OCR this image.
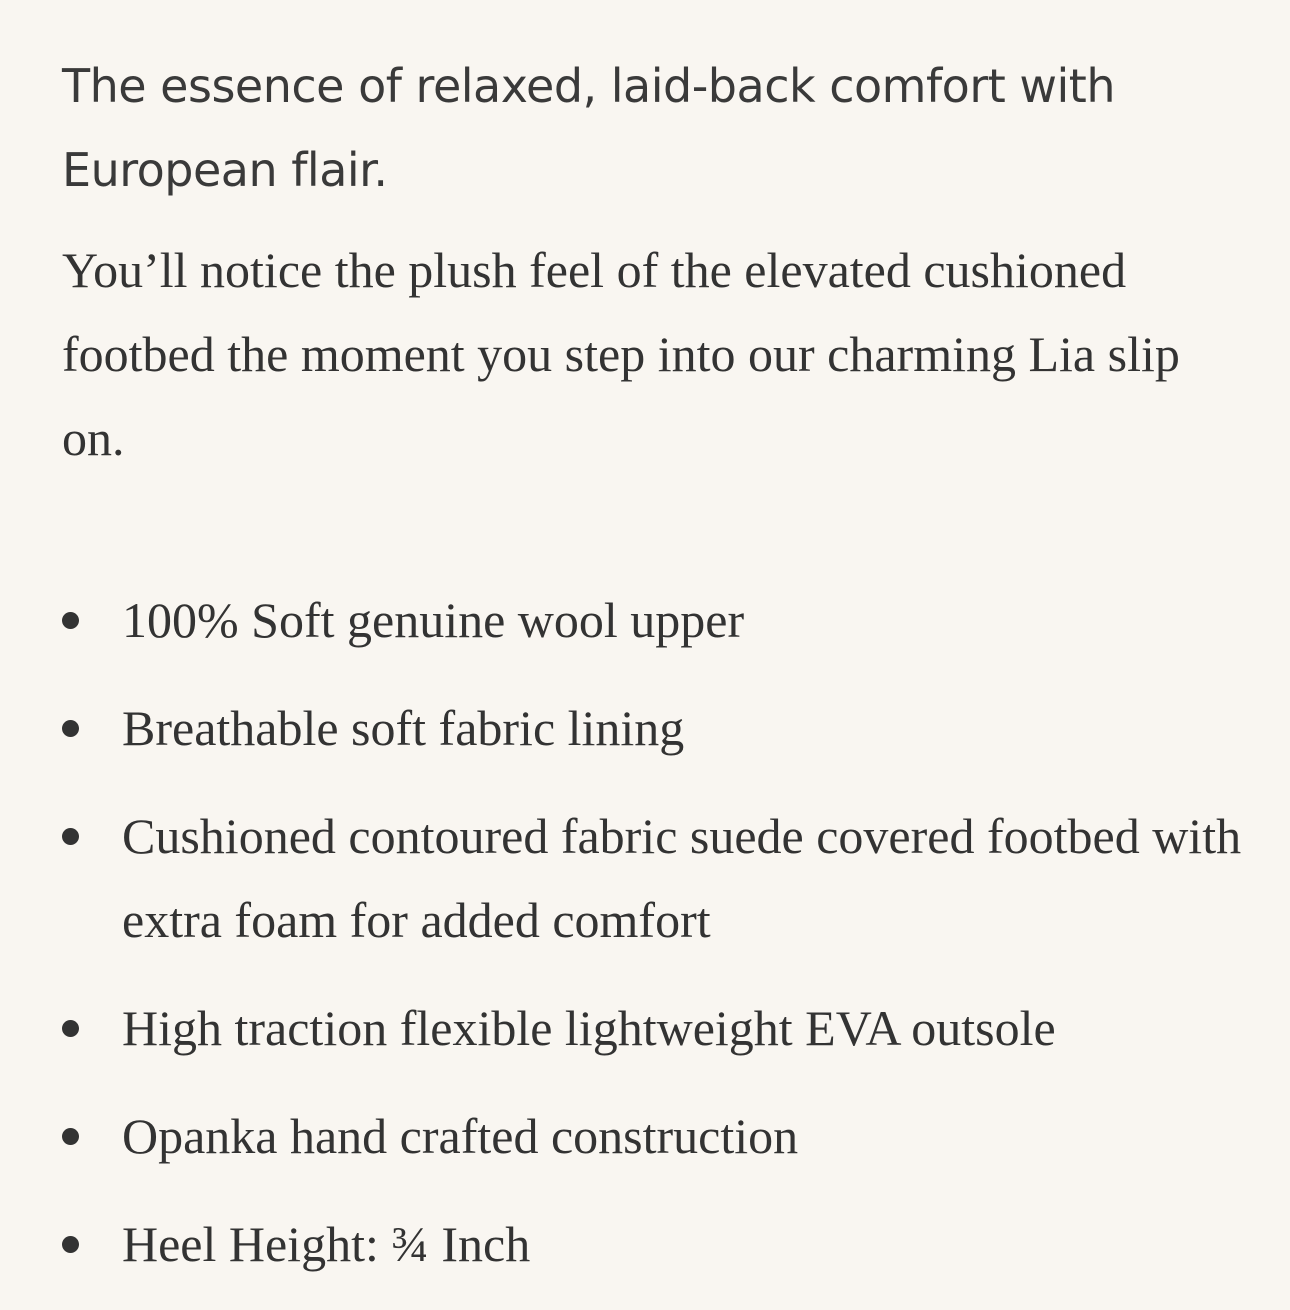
The essence of relaxed, laid-back comfort with European flair.

You’ll notice the plush feel of the elevated cushioned footbed the moment you step into our charming Lia slip on.

100% Soft genuine wool upper
Breathable soft fabric lining
Cushioned contoured fabric suede covered footbed with extra foam for added comfort
High traction flexible lightweight EVA outsole
Opanka hand crafted construction
Heel Height: ¾ Inch
